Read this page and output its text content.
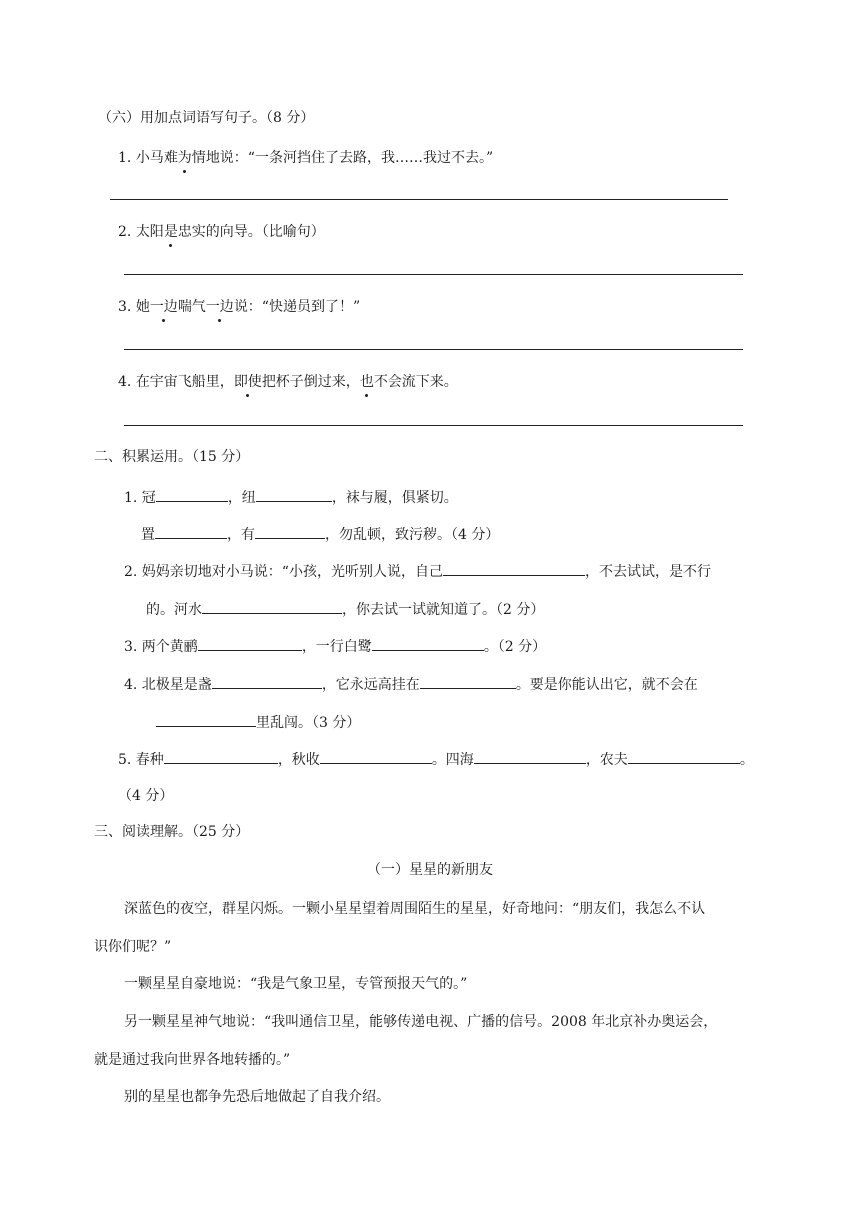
（六）用加点词语写句子。（8 分）
1. 小马难为情地说：“一条河挡住了去路，我……我过不去。”
2. 太阳是忠实的向导。（比喻句）
3. 她一边喘气一边说：“快递员到了！”
4. 在宇宙飞船里，即使把杯子倒过来，也不会流下来。
二、积累运用。（15 分）
1. 冠	，纽	，袜与履，俱紧切。
置	，有	，勿乱顿，致污秽。（4 分）
2. 妈妈亲切地对小马说：“小孩，光听别人说，自己	，不去试试，是不行
的。河水	，你去试一试就知道了。（2 分）
3. 两个黄鹂	，一行白鹭	。（2 分）
4. 北极星是盏	，它永远高挂在	。要是你能认出它，就不会在
里乱闯。（3 分）
5. 春种	，秋收	。四海	，农夫	。
（4 分）
三、阅读理解。（25 分）
（一）星星的新朋友
深蓝色的夜空，群星闪烁。一颗小星星望着周围陌生的星星，好奇地问：“朋友们，我怎么不认
识你们呢？”
一颗星星自豪地说：“我是气象卫星，专管预报天气的。”
另一颗星星神气地说：“我叫通信卫星，能够传递电视、广播的信号。2008 年北京补办奥运会，
就是通过我向世界各地转播的。”
别的星星也都争先恐后地做起了自我介绍。
